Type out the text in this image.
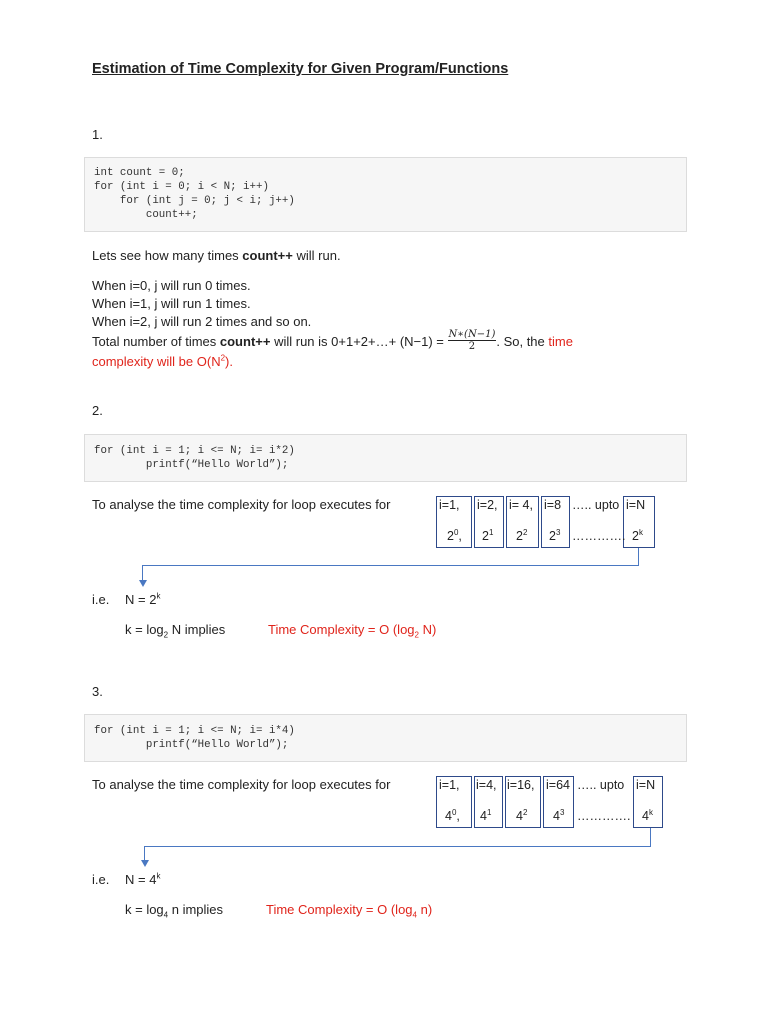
Estimation of Time Complexity for Given Program/Functions
1.
int count = 0;
for (int i = 0; i < N; i++)
for (int j = 0; j < i; j++)
count++;
Lets see how many times count++ will run.
When i=0, j will run 0 times.
When i=1, j will run 1 times.
When i=2, j will run 2 times and so on.
Total number of times count++ will run is 0+1+2+…+ $(N-1) = \frac{N∗(N-1)}{2}$ . So, the time
complexity will be $O(N^2)$.
2.
for (int i = 1; i <= N; i= i*2)
printf(“Hello World”);
To analyse the time complexity for loop executes for	i=1, i=2, i= 4, i=8 ….. upto i=N
$2^0$, $2^1$ $2^2$ $2^3$ …………. 2$^k$
i.e. $N = 2^k$
$k = \log_2 N$ implies	Time Complexity = O ($\log_2$ N)
3.
for (int i = 1; i <= N; i= i*4)
printf(“Hello World”);
To analyse the time complexity for loop executes for	i=1, i=4, i=16, i=64 ….. upto i=N
$4^0$, $4^1$ $4^2$ $4^3$ …………. 4$^k$
i.e. $N = 4^k$
$k = \log_4 n$ implies	Time Complexity = O ($\log_4$ n)
